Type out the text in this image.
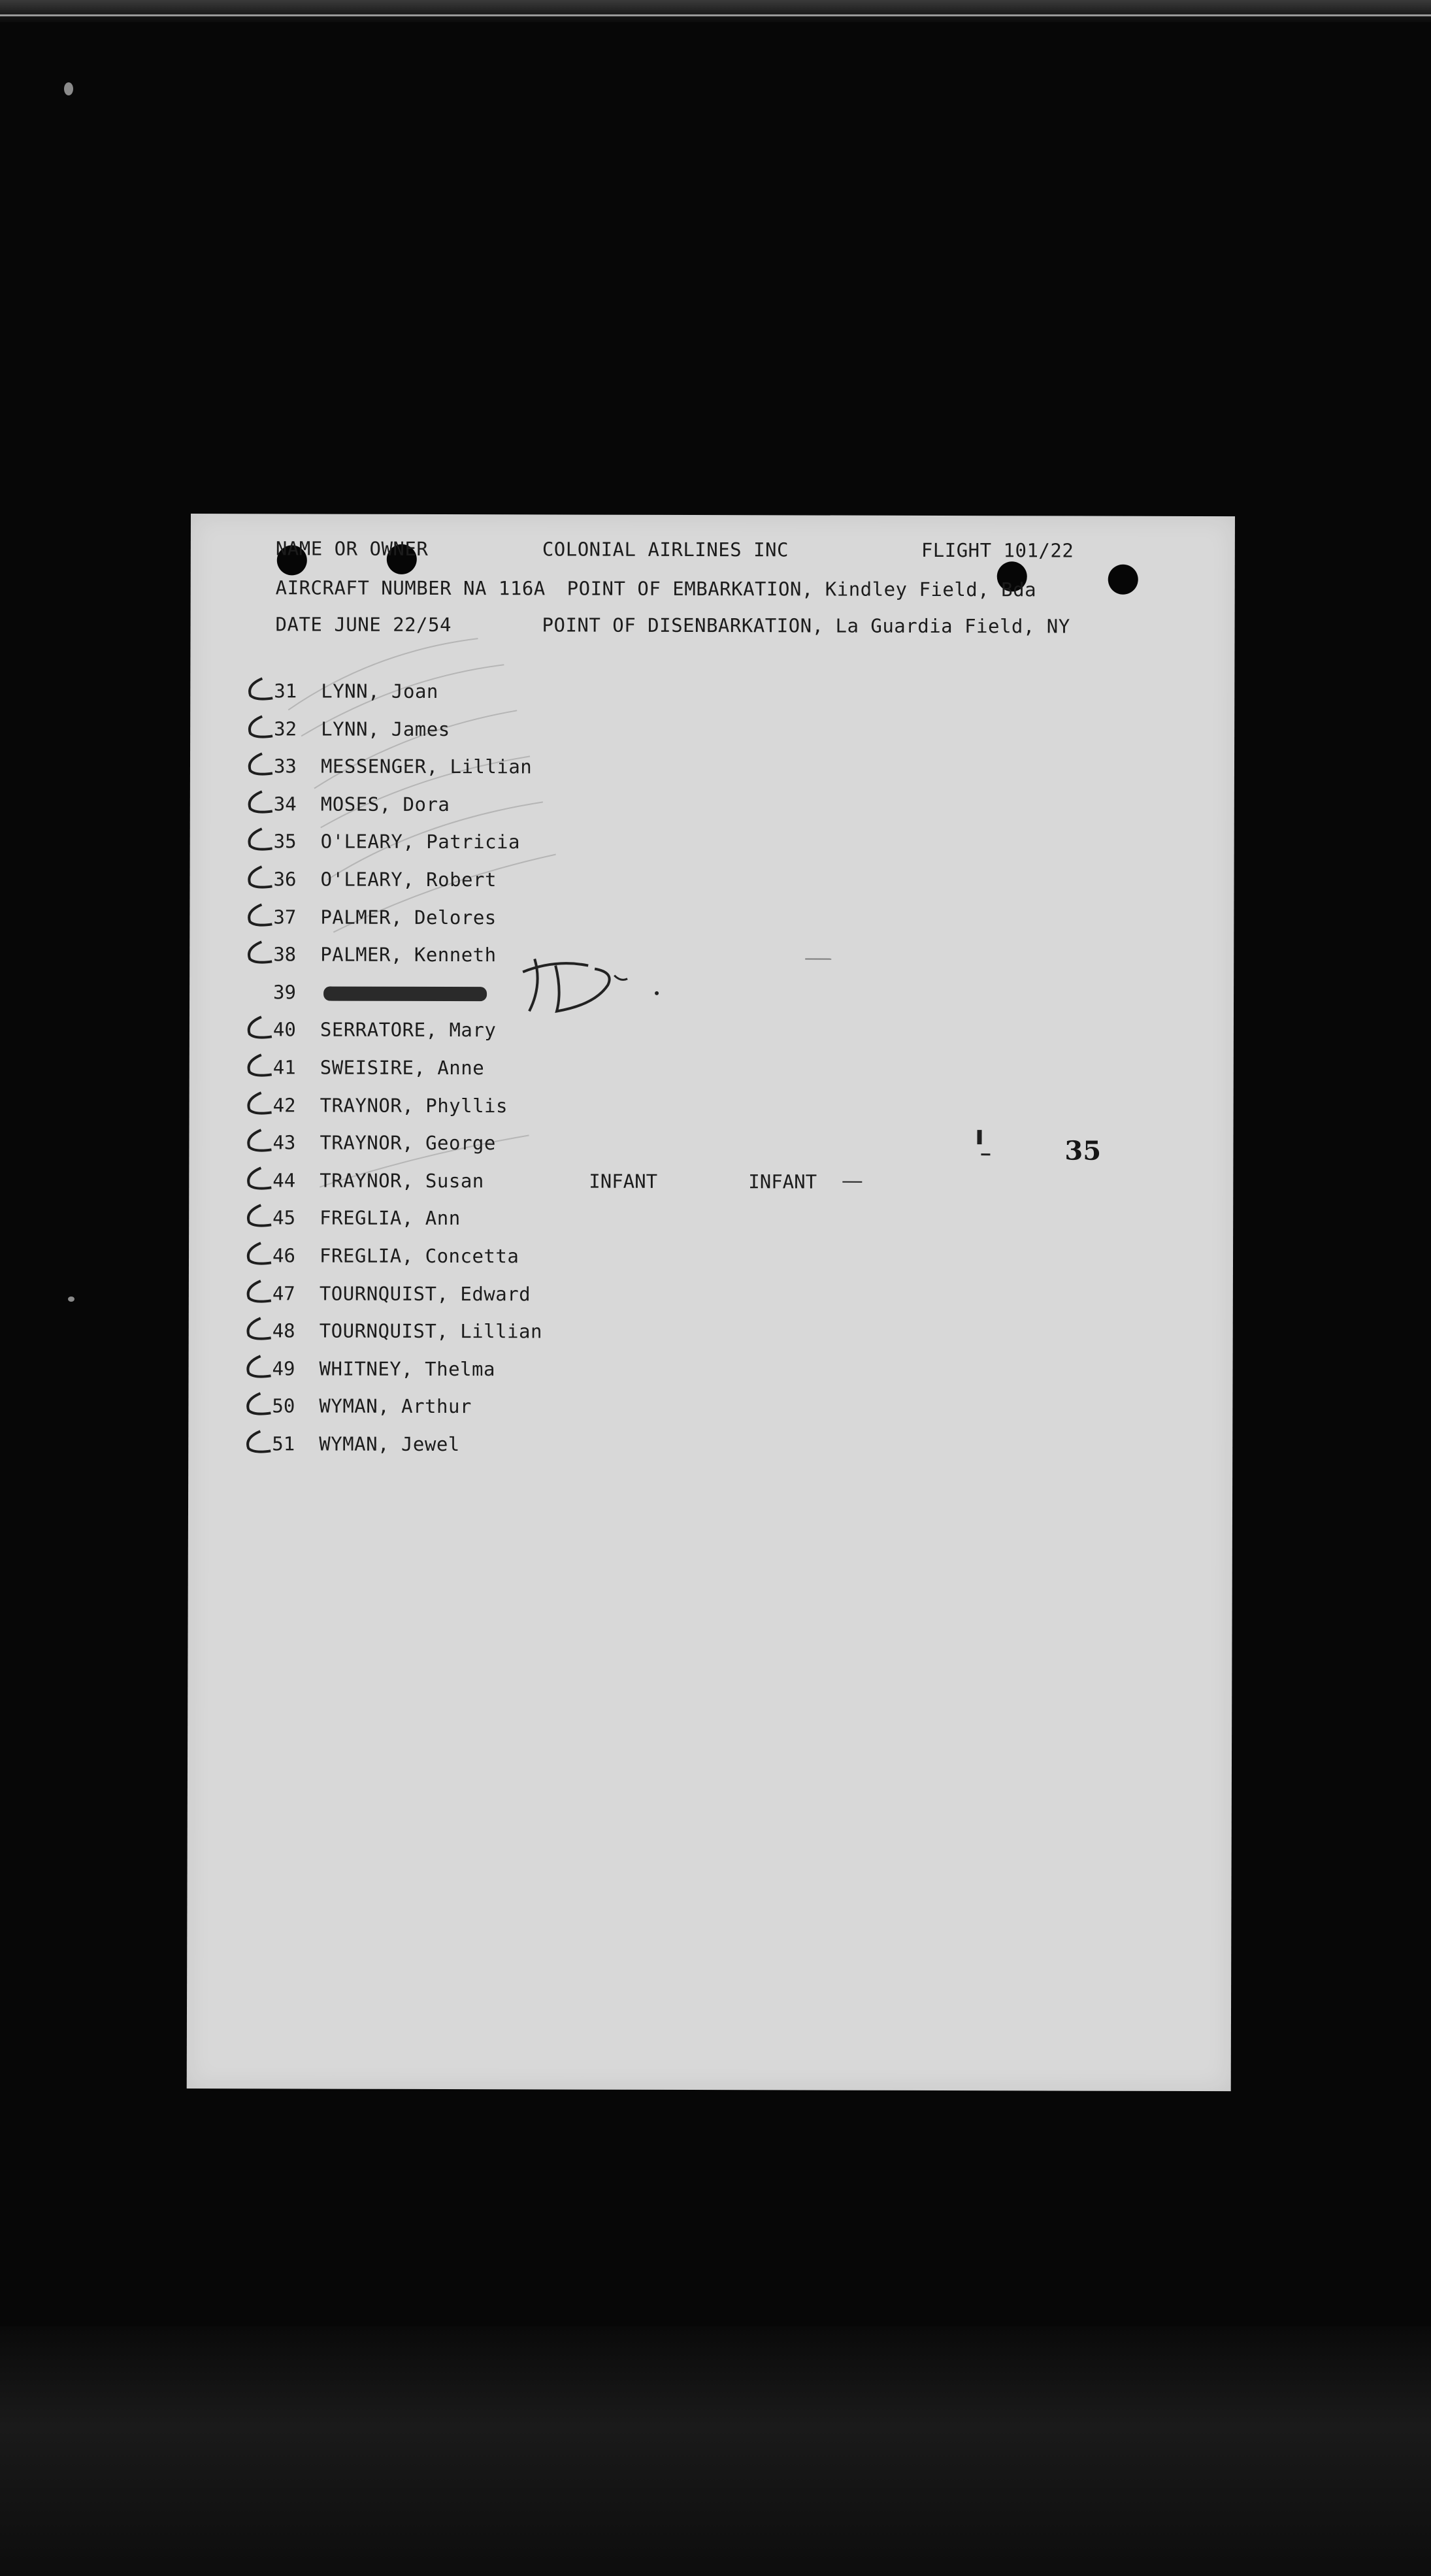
NAME OR OWNER	COLONIAL AIRLINES INC	FLIGHT 101/22
AIRCRAFT NUMBER NA 116A POINT OF EMBARKATION, Kindley Field, Bda
DATE JUNE 22/54	POINT OF DISENBARKATION, La Guardia Field, NY
31 LYNN, Joan
32 LYNN, James
33 MESSENGER, Lillian
34 MOSES, Dora
35 O'LEARY, Patricia
36 O'LEARY, Robert
37 PALMER, Delores
38 PALMER, Kenneth
39
40 SERRATORE, Mary
41 SWEISIRE, Anne
42 TRAYNOR, Phyllis
43 TRAYNOR, George
44 TRAYNOR, Susan	INFANT	INFANT
45 FREGLIA, Ann
46 FREGLIA, Concetta
47 TOURNQUIST, Edward
48 TOURNQUIST, Lillian
49 WHITNEY, Thelma
50 WYMAN, Arthur
51 WYMAN, Jewel
35
